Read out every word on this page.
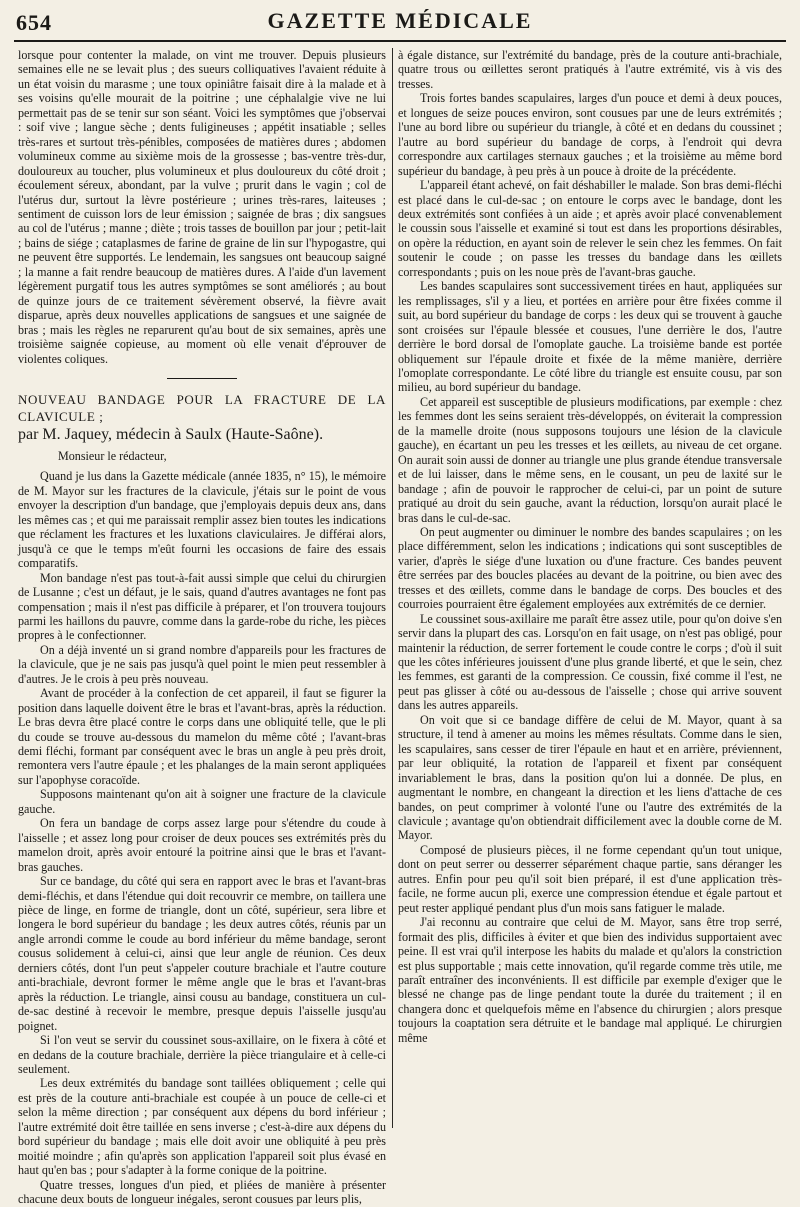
654	GAZETTE MÉDICALE

lorsque pour contenter la malade, on vint me trouver. Depuis plusieurs semaines elle ne se levait plus ; des sueurs colliquatives l'avaient réduite à un état voisin du marasme ; une toux opiniâtre faisait dire à la malade et à ses voisins qu'elle mourait de la poitrine ; une céphalalgie vive ne lui permettait pas de se tenir sur son séant. Voici les symptômes que j'observai : soif vive ; langue sèche ; dents fuligineuses ; appétit insatiable ; selles très-rares et surtout très-pénibles, composées de matières dures ; abdomen volumineux comme au sixième mois de la grossesse ; bas-ventre très-dur, douloureux au toucher, plus volumineux et plus douloureux du côté droit ; écoulement séreux, abondant, par la vulve ; prurit dans le vagin ; col de l'utérus dur, surtout la lèvre postérieure ; urines très-rares, laiteuses ; sentiment de cuisson lors de leur émission ; saignée de bras ; dix sangsues au col de l'utérus ; manne ; diète ; trois tasses de bouillon par jour ; petit-lait ; bains de siége ; cataplasmes de farine de graine de lin sur l'hypogastre, qui ne peuvent être supportés. Le lendemain, les sangsues ont beaucoup saigné ; la manne a fait rendre beaucoup de matières dures. A l'aide d'un lavement légèrement purgatif tous les autres symptômes se sont améliorés ; au bout de quinze jours de ce traitement sévèrement observé, la fièvre avait disparue, après deux nouvelles applications de sangsues et une saignée de bras ; mais les règles ne reparurent qu'au bout de six semaines, après une troisième saignée copieuse, au moment où elle venait d'éprouver de violentes coliques.

NOUVEAU BANDAGE POUR LA FRACTURE DE LA CLAVICULE ;

par M. Jaquey, médecin à Saulx (Haute-Saône).

Monsieur le rédacteur,

Quand je lus dans la Gazette médicale (année 1835, n° 15), le mémoire de M. Mayor sur les fractures de la clavicule, j'étais sur le point de vous envoyer la description d'un bandage, que j'employais depuis deux ans, dans les mêmes cas ; et qui me paraissait remplir assez bien toutes les indications que réclament les fractures et les luxations claviculaires. Je différai alors, jusqu'à ce que le temps m'eût fourni les occasions de faire des essais comparatifs.

Mon bandage n'est pas tout-à-fait aussi simple que celui du chirurgien de Lusanne ; c'est un défaut, je le sais, quand d'autres avantages ne font pas compensation ; mais il n'est pas difficile à préparer, et l'on trouvera toujours parmi les haillons du pauvre, comme dans la garde-robe du riche, les pièces propres à le confectionner.

On a déjà inventé un si grand nombre d'appareils pour les fractures de la clavicule, que je ne sais pas jusqu'à quel point le mien peut ressembler à d'autres. Je le crois à peu près nouveau.

Avant de procéder à la confection de cet appareil, il faut se figurer la position dans laquelle doivent être le bras et l'avant-bras, après la réduction. Le bras devra être placé contre le corps dans une obliquité telle, que le pli du coude se trouve au-dessous du mamelon du même côté ; l'avant-bras demi fléchi, formant par conséquent avec le bras un angle à peu près droit, remontera vers l'autre épaule ; et les phalanges de la main seront appliquées sur l'apophyse coracoïde.

Supposons maintenant qu'on ait à soigner une fracture de la clavicule gauche.

On fera un bandage de corps assez large pour s'étendre du coude à l'aisselle ; et assez long pour croiser de deux pouces ses extrémités près du mamelon droit, après avoir entouré la poitrine ainsi que le bras et l'avant-bras gauches.

Sur ce bandage, du côté qui sera en rapport avec le bras et l'avant-bras demi-fléchis, et dans l'étendue qui doit recouvrir ce membre, on taillera une pièce de linge, en forme de triangle, dont un côté, supérieur, sera libre et longera le bord supérieur du bandage ; les deux autres côtés, réunis par un angle arrondi comme le coude au bord inférieur du même bandage, seront cousus solidement à celui-ci, ainsi que leur angle de réunion. Ces deux derniers côtés, dont l'un peut s'appeler couture brachiale et l'autre couture anti-brachiale, devront former le même angle que le bras et l'avant-bras après la réduction. Le triangle, ainsi cousu au bandage, constituera un cul-de-sac destiné à recevoir le membre, presque depuis l'aisselle jusqu'au poignet.

Si l'on veut se servir du coussinet sous-axillaire, on le fixera à côté et en dedans de la couture brachiale, derrière la pièce triangulaire et à celle-ci seulement.

Les deux extrémités du bandage sont taillées obliquement ; celle qui est près de la couture anti-brachiale est coupée à un pouce de celle-ci et selon la même direction ; par conséquent aux dépens du bord inférieur ; l'autre extrémité doit être taillée en sens inverse ; c'est-à-dire aux dépens du bord supérieur du bandage ; mais elle doit avoir une obliquité à peu près moitié moindre ; afin qu'après son application l'appareil soit plus évasé en haut qu'en bas ; pour s'adapter à la forme conique de la poitrine.

Quatre tresses, longues d'un pied, et pliées de manière à présenter chacune deux bouts de longueur inégales, seront cousues par leurs plis,

à égale distance, sur l'extrémité du bandage, près de la couture anti-brachiale, quatre trous ou œillettes seront pratiqués à l'autre extrémité, vis à vis des tresses.

Trois fortes bandes scapulaires, larges d'un pouce et demi à deux pouces, et longues de seize pouces environ, sont cousues par une de leurs extrémités ; l'une au bord libre ou supérieur du triangle, à côté et en dedans du coussinet ; l'autre au bord supérieur du bandage de corps, à l'endroit qui devra correspondre aux cartilages sternaux gauches ; et la troisième au même bord supérieur du bandage, à peu près à un pouce à droite de la précédente.

L'appareil étant achevé, on fait déshabiller le malade. Son bras demi-fléchi est placé dans le cul-de-sac ; on entoure le corps avec le bandage, dont les deux extrémités sont confiées à un aide ; et après avoir placé convenablement le coussin sous l'aisselle et examiné si tout est dans les proportions désirables, on opère la réduction, en ayant soin de relever le sein chez les femmes. On fait soutenir le coude ; on passe les tresses du bandage dans les œillets correspondants ; puis on les noue près de l'avant-bras gauche.

Les bandes scapulaires sont successivement tirées en haut, appliquées sur les remplissages, s'il y a lieu, et portées en arrière pour être fixées comme il suit, au bord supérieur du bandage de corps : les deux qui se trouvent à gauche sont croisées sur l'épaule blessée et cousues, l'une derrière le dos, l'autre derrière le bord dorsal de l'omoplate gauche. La troisième bande est portée obliquement sur l'épaule droite et fixée de la même manière, derrière l'omoplate correspondante. Le côté libre du triangle est ensuite cousu, par son milieu, au bord supérieur du bandage.

Cet appareil est susceptible de plusieurs modifications, par exemple : chez les femmes dont les seins seraient très-développés, on éviterait la compression de la mamelle droite (nous supposons toujours une lésion de la clavicule gauche), en écartant un peu les tresses et les œillets, au niveau de cet organe. On aurait soin aussi de donner au triangle une plus grande étendue transversale et de lui laisser, dans le même sens, en le cousant, un peu de laxité sur le bandage ; afin de pouvoir le rapprocher de celui-ci, par un point de suture pratiqué au droit du sein gauche, avant la réduction, lorsqu'on aurait placé le bras dans le cul-de-sac.

On peut augmenter ou diminuer le nombre des bandes scapulaires ; on les place différemment, selon les indications ; indications qui sont susceptibles de varier, d'après le siége d'une luxation ou d'une fracture. Ces bandes peuvent être serrées par des boucles placées au devant de la poitrine, ou bien avec des tresses et des œillets, comme dans le bandage de corps. Des boucles et des courroies pourraient être également employées aux extrémités de ce dernier.

Le coussinet sous-axillaire me paraît être assez utile, pour qu'on doive s'en servir dans la plupart des cas. Lorsqu'on en fait usage, on n'est pas obligé, pour maintenir la réduction, de serrer fortement le coude contre le corps ; d'où il suit que les côtes inférieures jouissent d'une plus grande liberté, et que le sein, chez les femmes, est garanti de la compression. Ce coussin, fixé comme il l'est, ne peut pas glisser à côté ou au-dessous de l'aisselle ; chose qui arrive souvent dans les autres appareils.

On voit que si ce bandage diffère de celui de M. Mayor, quant à sa structure, il tend à amener au moins les mêmes résultats. Comme dans le sien, les scapulaires, sans cesser de tirer l'épaule en haut et en arrière, préviennent, par leur obliquité, la rotation de l'appareil et fixent par conséquent invariablement le bras, dans la position qu'on lui a donnée. De plus, en augmentant le nombre, en changeant la direction et les liens d'attache de ces bandes, on peut comprimer à volonté l'une ou l'autre des extrémités de la clavicule ; avantage qu'on obtiendrait difficilement avec la double corne de M. Mayor.

Composé de plusieurs pièces, il ne forme cependant qu'un tout unique, dont on peut serrer ou desserrer séparément chaque partie, sans déranger les autres. Enfin pour peu qu'il soit bien préparé, il est d'une application très-facile, ne forme aucun pli, exerce une compression étendue et égale partout et peut rester appliqué pendant plus d'un mois sans fatiguer le malade.

J'ai reconnu au contraire que celui de M. Mayor, sans être trop serré, formait des plis, difficiles à éviter et que bien des individus supportaient avec peine. Il est vrai qu'il interpose les habits du malade et qu'alors la constriction est plus supportable ; mais cette innovation, qu'il regarde comme très utile, me paraît entraîner des inconvénients. Il est difficile par exemple d'exiger que le blessé ne change pas de linge pendant toute la durée du traitement ; il en changera donc et quelquefois même en l'absence du chirurgien ; alors presque toujours la coaptation sera détruite et le bandage mal appliqué. Le chirurgien même
